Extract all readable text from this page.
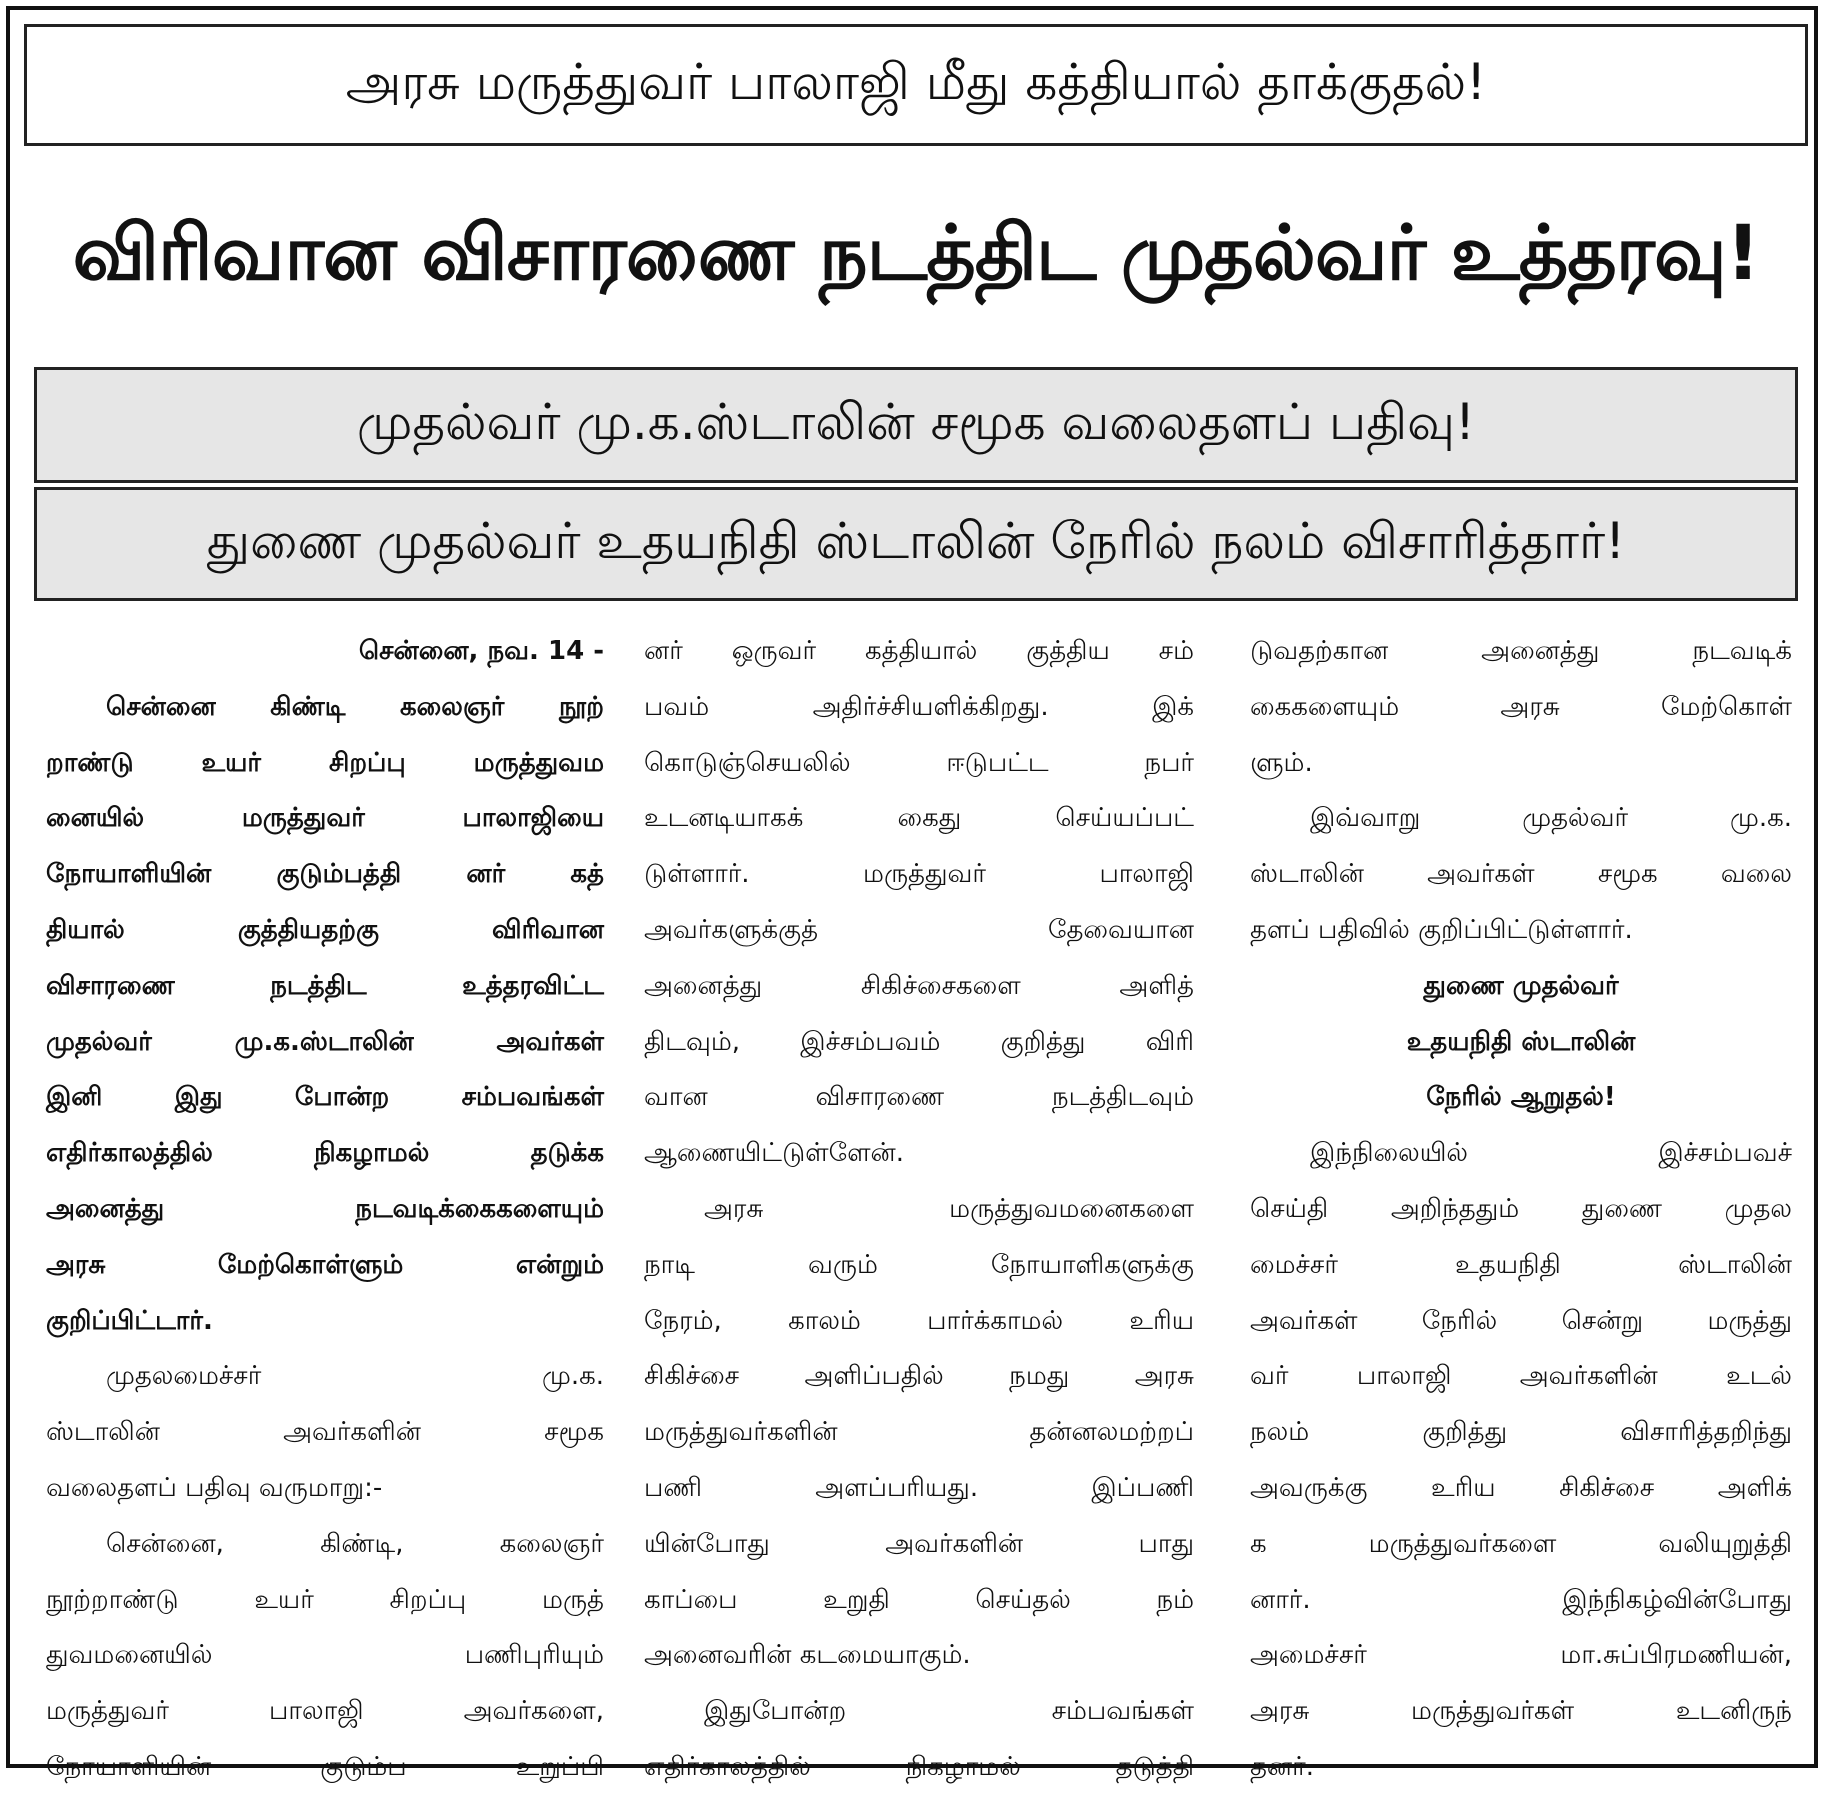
அரசு மருத்துவர் பாலாஜி மீது கத்தியால் தாக்குதல்!
விரிவான விசாரணை நடத்திட முதல்வர் உத்தரவு!
முதல்வர் மு.க.ஸ்டாலின் சமூக வலைதளப் பதிவு!
துணை முதல்வர் உதயநிதி ஸ்டாலின் நேரில் நலம் விசாரித்தார்!
சென்னை, நவ. 14 -
சென்னை கிண்டி கலைஞர் நூற்
றாண்டு உயர் சிறப்பு மருத்துவம
னையில் மருத்துவர் பாலாஜியை
நோயாளியின் குடும்பத்தி னர் கத்
தியால் குத்தியதற்கு விரிவான
விசாரணை நடத்திட உத்தரவிட்ட
முதல்வர் மு.க.ஸ்டாலின் அவர்கள்
இனி இது போன்ற சம்பவங்கள்
எதிர்காலத்தில் நிகழாமல் தடுக்க
அனைத்து நடவடிக்கைகளையும்
அரசு மேற்கொள்ளும் என்றும்
குறிப்பிட்டார்.
முதலமைச்சர் மு.க.
ஸ்டாலின் அவர்களின் சமூக
வலைதளப் பதிவு வருமாறு:-
சென்னை, கிண்டி, கலைஞர்
நூற்றாண்டு உயர் சிறப்பு மருத்
துவமனையில் பணிபுரியும்
மருத்துவர் பாலாஜி அவர்களை,
நோயாளியின் குடும்ப உறுப்பி
னர் ஒருவர் கத்தியால் குத்திய சம்
பவம் அதிர்ச்சியளிக்கிறது. இக்
கொடுஞ்செயலில் ஈடுபட்ட நபர்
உடனடியாகக் கைது செய்யப்பட்
டுள்ளார். மருத்துவர் பாலாஜி
அவர்களுக்குத் தேவையான
அனைத்து சிகிச்சைகளை அளித்
திடவும், இச்சம்பவம் குறித்து விரி
வான விசாரணை நடத்திடவும்
ஆணையிட்டுள்ளேன்.
அரசு மருத்துவமனைகளை
நாடி வரும் நோயாளிகளுக்கு
நேரம், காலம் பார்க்காமல் உரிய
சிகிச்சை அளிப்பதில் நமது அரசு
மருத்துவர்களின் தன்னலமற்றப்
பணி அளப்பரியது. இப்பணி
யின்போது அவர்களின் பாது
காப்பை உறுதி செய்தல் நம்
அனைவரின் கடமையாகும்.
இதுபோன்ற சம்பவங்கள்
எதிர்காலத்தில் நிகழாமல் தடுத்தி
டுவதற்கான அனைத்து நடவடிக்
கைகளையும் அரசு மேற்கொள்
ளும்.
இவ்வாறு முதல்வர் மு.க.
ஸ்டாலின் அவர்கள் சமூக வலை
தளப் பதிவில் குறிப்பிட்டுள்ளார்.
துணை முதல்வர்
உதயநிதி ஸ்டாலின்
நேரில் ஆறுதல்!
இந்நிலையில் இச்சம்பவச்
செய்தி அறிந்ததும் துணை முதல
மைச்சர் உதயநிதி ஸ்டாலின்
அவர்கள் நேரில் சென்று மருத்து
வர் பாலாஜி அவர்களின் உடல்
நலம் குறித்து விசாரித்தறிந்து
அவருக்கு உரிய சிகிச்சை அளிக்
க மருத்துவர்களை வலியுறுத்தி
னார். இந்நிகழ்வின்போது
அமைச்சர் மா.சுப்பிரமணியன்,
அரசு மருத்துவர்கள் உடனிருந்
தனர்.
